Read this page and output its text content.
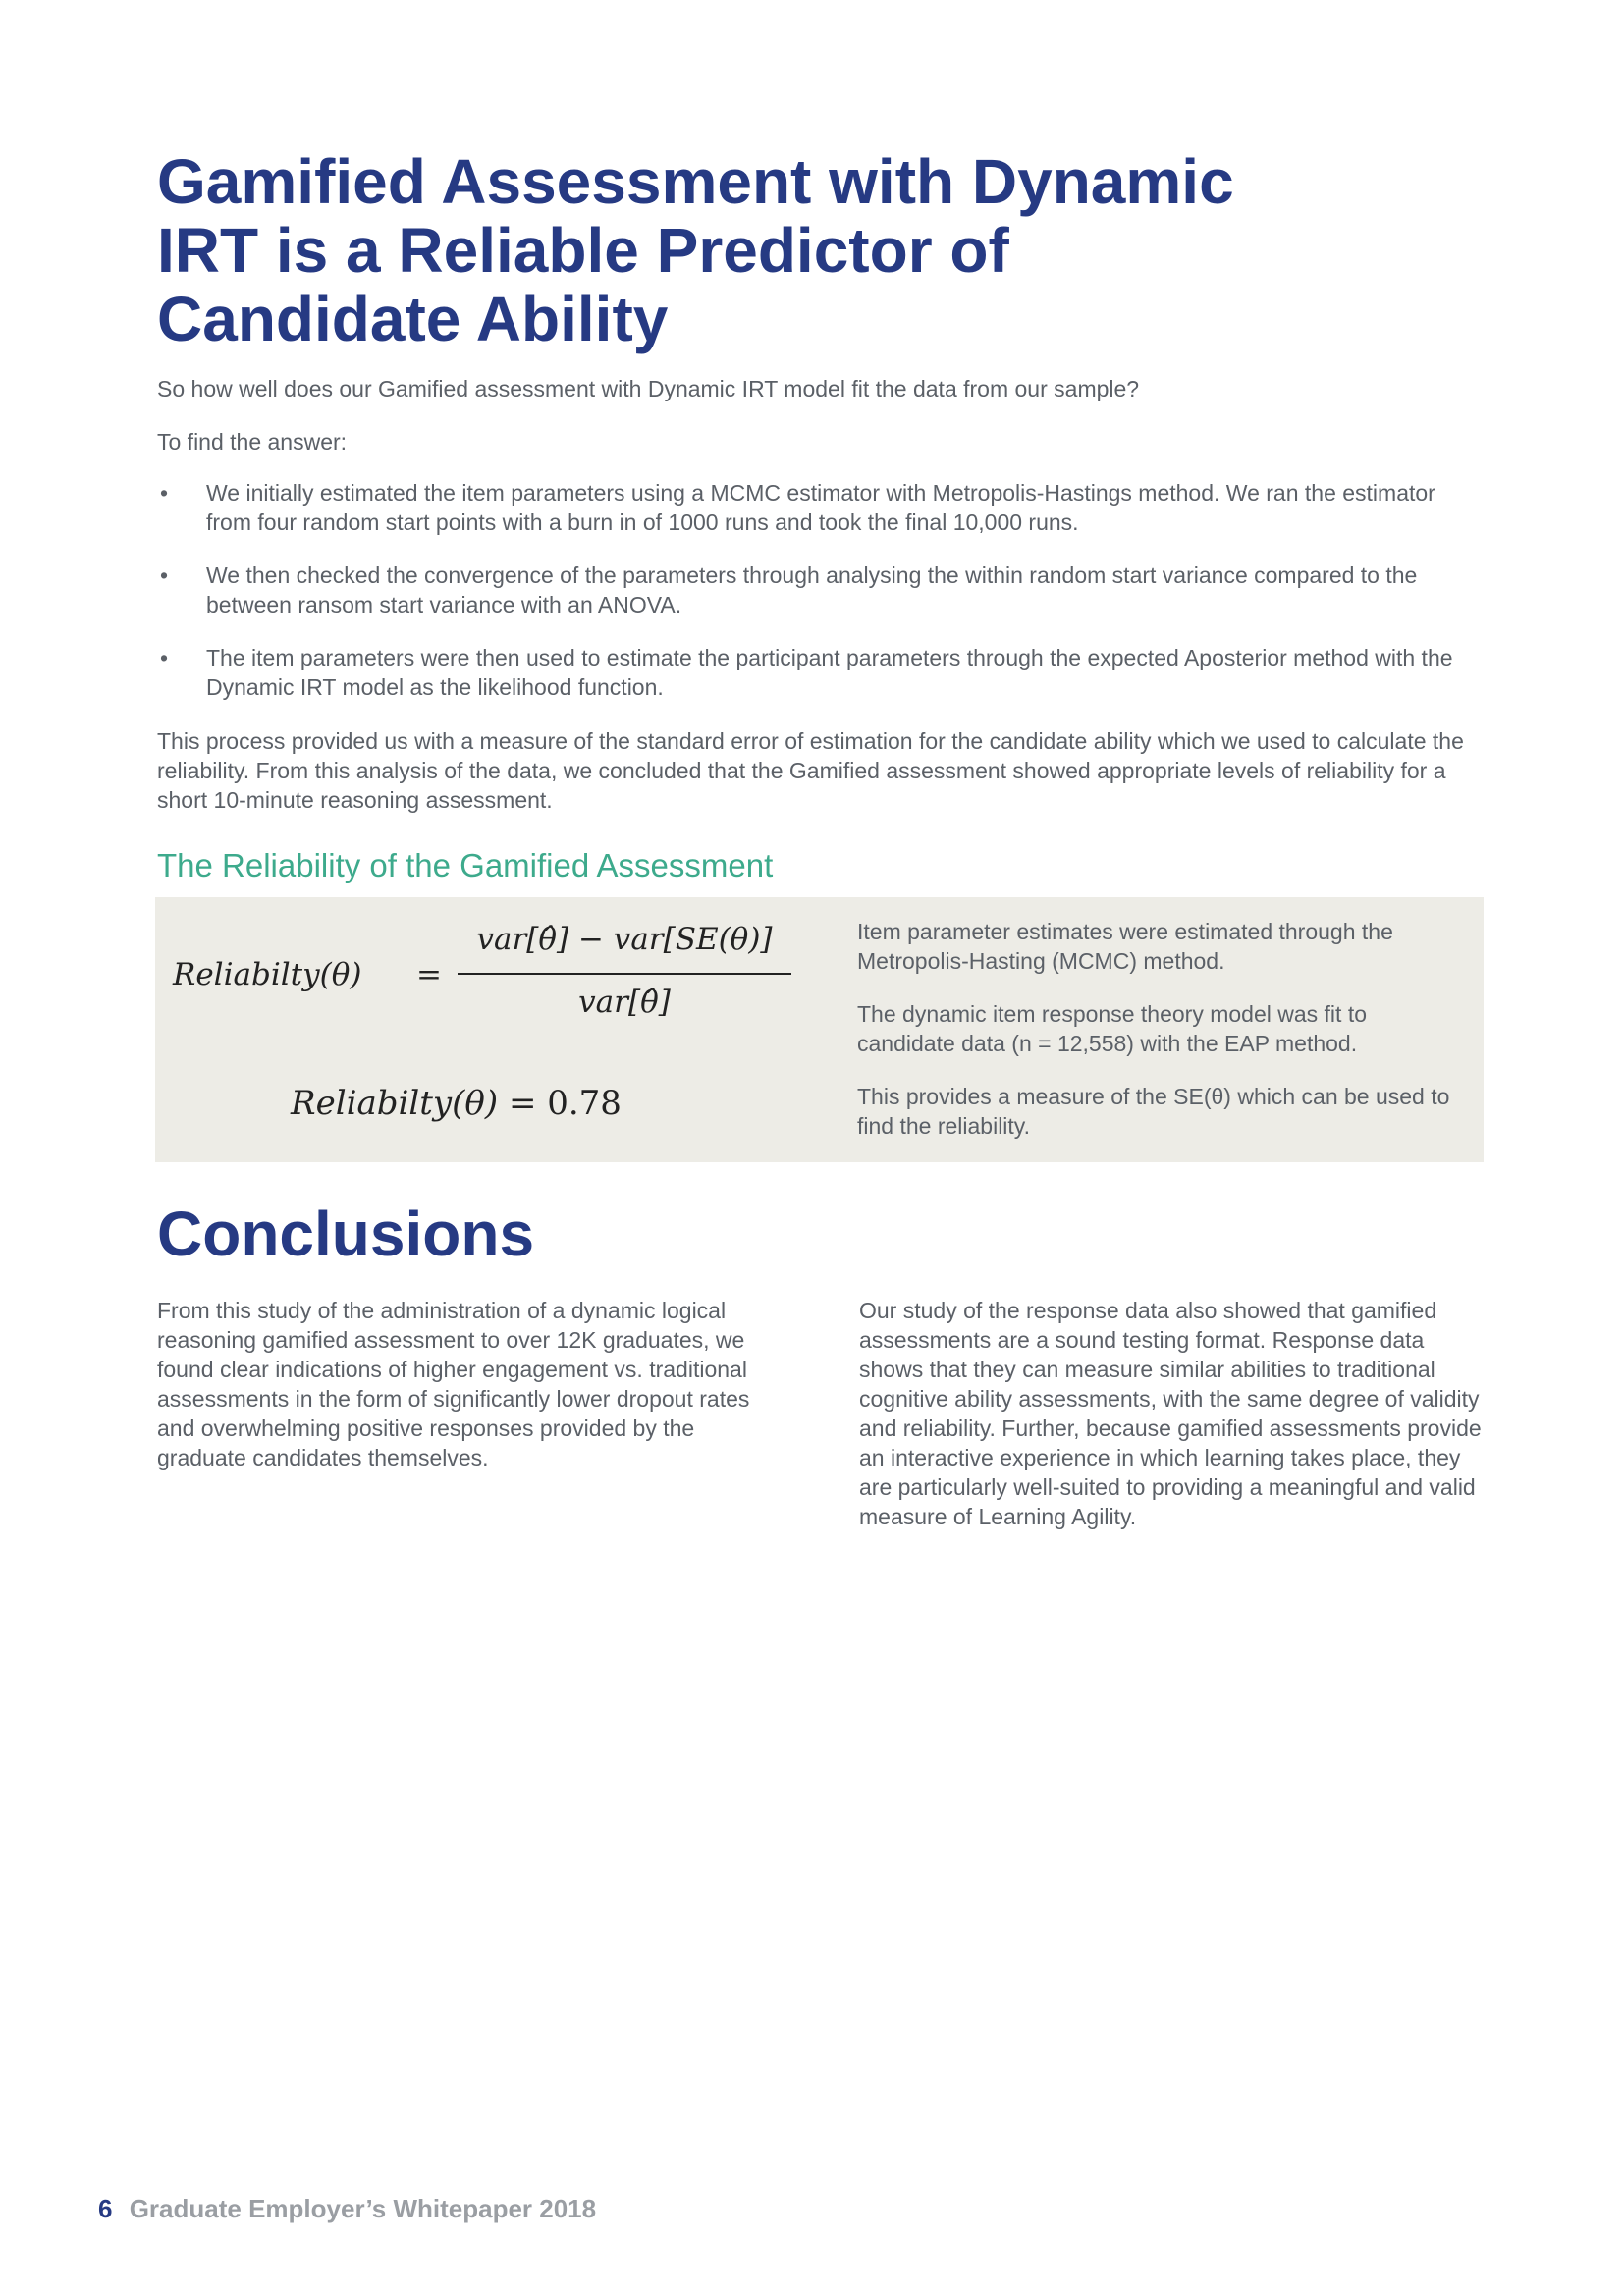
Gamified Assessment with Dynamic IRT is a Reliable Predictor of Candidate Ability

So how well does our Gamified assessment with Dynamic IRT model fit the data from our sample?

To find the answer:

• We initially estimated the item parameters using a MCMC estimator with Metropolis-Hastings method. We ran the estimator from four random start points with a burn in of 1000 runs and took the final 10,000 runs.
• We then checked the convergence of the parameters through analysing the within random start variance compared to the between ransom start variance with an ANOVA.
• The item parameters were then used to estimate the participant parameters through the expected Aposterior method with the Dynamic IRT model as the likelihood function.

This process provided us with a measure of the standard error of estimation for the candidate ability which we used to calculate the reliability. From this analysis of the data, we concluded that the Gamified assessment showed appropriate levels of reliability for a short 10-minute reasoning assessment.

The Reliability of the Gamified Assessment
Reliabilty(θ) =
var[θ̂] − var[SE(θ)]
var[θ̂]
Reliabilty(θ) = 0.78

Item parameter estimates were estimated through the Metropolis-Hasting (MCMC) method.

The dynamic item response theory model was fit to candidate data (n = 12,558) with the EAP method.

This provides a measure of the SE(θ) which can be used to find the reliability.

Conclusions

From this study of the administration of a dynamic logical reasoning gamified assessment to over 12K graduates, we found clear indications of higher engagement vs. traditional assessments in the form of significantly lower dropout rates and overwhelming positive responses provided by the graduate candidates themselves.

Our study of the response data also showed that gamified assessments are a sound testing format. Response data shows that they can measure similar abilities to traditional cognitive ability assessments, with the same degree of validity and reliability. Further, because gamified assessments provide an interactive experience in which learning takes place, they are particularly well-suited to providing a meaningful and valid measure of Learning Agility.

6 Graduate Employer’s Whitepaper 2018
